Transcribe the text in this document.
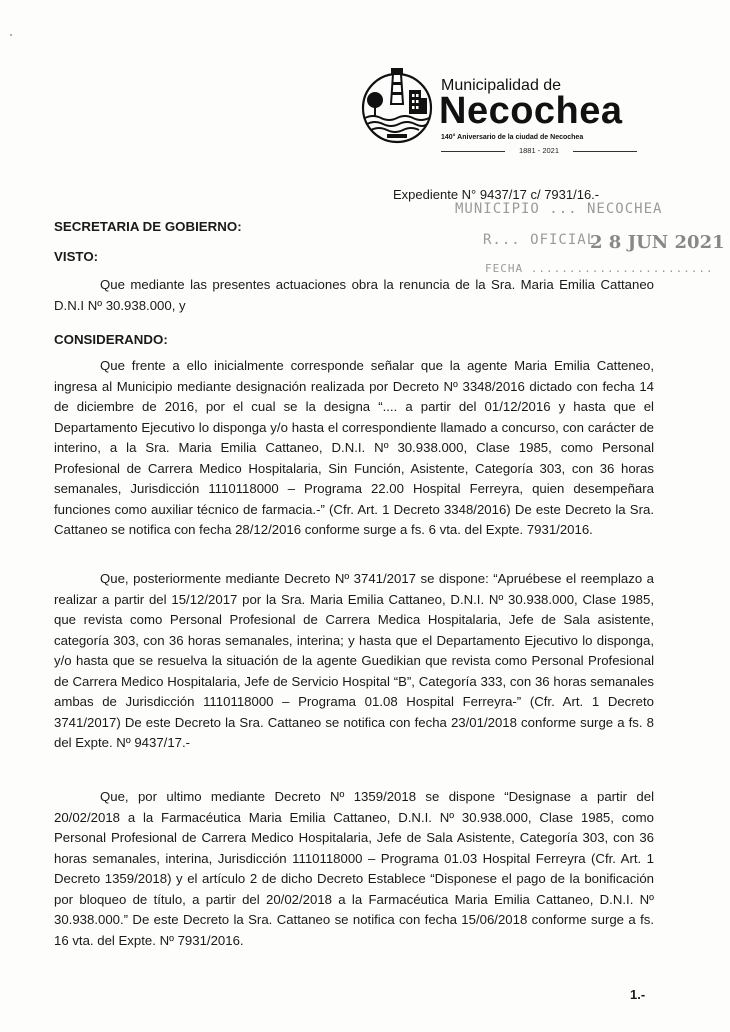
Municipalidad de
Necochea
140° Aniversario de la ciudad de Necochea
1881 - 2021
MUNICIPIO ... NECOCHEA
R... OFICIAL
2 8 JUN 2021
FECHA ........................
Expediente N° 9437/17 c/ 7931/16.-
SECRETARIA DE GOBIERNO:
VISTO:
Que mediante las presentes actuaciones obra la renuncia de la Sra. Maria Emilia Cattaneo D.N.I Nº 30.938.000, y
CONSIDERANDO:
Que frente a ello inicialmente corresponde señalar que la agente Maria Emilia Catteneo, ingresa al Municipio mediante designación realizada por Decreto Nº 3348/2016 dictado con fecha 14 de diciembre de 2016, por el cual se la designa “.... a partir del 01/12/2016 y hasta que el Departamento Ejecutivo lo disponga y/o hasta el correspondiente llamado a concurso, con carácter de interino, a la Sra. Maria Emilia Cattaneo, D.N.I. Nº 30.938.000, Clase 1985, como Personal Profesional de Carrera Medico Hospitalaria, Sin Función, Asistente, Categoría 303, con 36 horas semanales, Jurisdicción 1110118000 – Programa 22.00 Hospital Ferreyra, quien desempeñara funciones como auxiliar técnico de farmacia.-” (Cfr. Art. 1 Decreto 3348/2016) De este Decreto la Sra. Cattaneo se notifica con fecha 28/12/2016 conforme surge a fs. 6 vta. del Expte. 7931/2016.
Que, posteriormente mediante Decreto Nº 3741/2017 se dispone: “Apruébese el reemplazo a realizar a partir del 15/12/2017 por la Sra. Maria Emilia Cattaneo, D.N.I. Nº 30.938.000, Clase 1985, que revista como Personal Profesional de Carrera Medica Hospitalaria, Jefe de Sala asistente, categoría 303, con 36 horas semanales, interina; y hasta que el Departamento Ejecutivo lo disponga, y/o hasta que se resuelva la situación de la agente Guedikian que revista como Personal Profesional de Carrera Medico Hospitalaria, Jefe de Servicio Hospital “B”, Categoría 333, con 36 horas semanales ambas de Jurisdicción 1110118000 – Programa 01.08 Hospital Ferreyra-” (Cfr. Art. 1 Decreto 3741/2017) De este Decreto la Sra. Cattaneo se notifica con fecha 23/01/2018 conforme surge a fs. 8 del Expte. Nº 9437/17.-
Que, por ultimo mediante Decreto Nº 1359/2018 se dispone “Designase a partir del 20/02/2018 a la Farmacéutica Maria Emilia Cattaneo, D.N.I. Nº 30.938.000, Clase 1985, como Personal Profesional de Carrera Medico Hospitalaria, Jefe de Sala Asistente, Categoría 303, con 36 horas semanales, interina, Jurisdicción 1110118000 – Programa 01.03 Hospital Ferreyra (Cfr. Art. 1 Decreto 1359/2018) y el artículo 2 de dicho Decreto Establece “Disponese el pago de la bonificación por bloqueo de título, a partir del 20/02/2018 a la Farmacéutica Maria Emilia Cattaneo, D.N.I. Nº 30.938.000.” De este Decreto la Sra. Cattaneo se notifica con fecha 15/06/2018 conforme surge a fs. 16 vta. del Expte. Nº 7931/2016.
1.-
